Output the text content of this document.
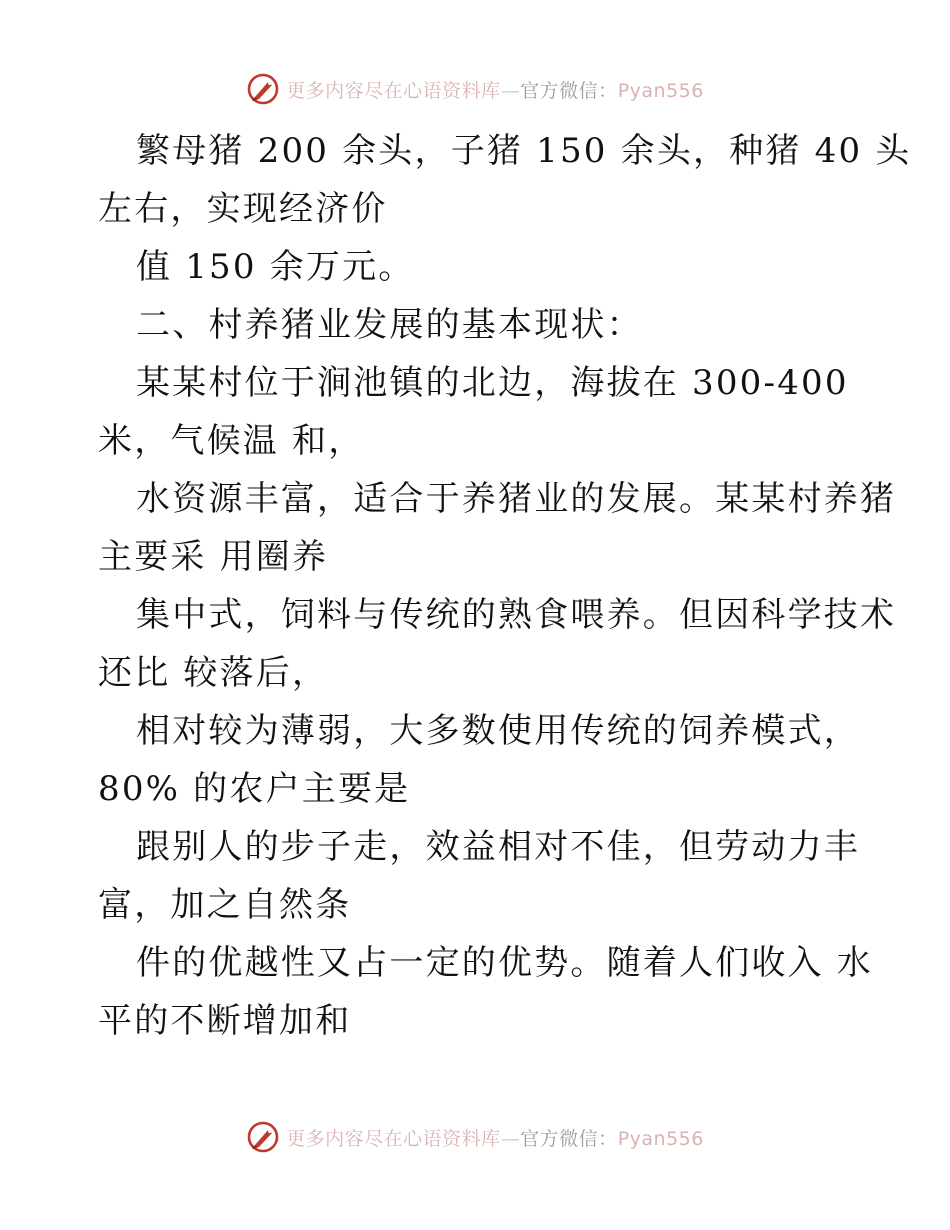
更多内容尽在心语资料库—官方微信：Pyan556
繁母猪 200 余头，子猪 150 余头，种猪 40 头
左右，实现经济价
值 150 余万元。
二、村养猪业发展的基本现状：
某某村位于涧池镇的北边，海拔在 300-400
米，气候温 和，
水资源丰富，适合于养猪业的发展。某某村养猪
主要采 用圈养
集中式，饲料与传统的熟食喂养。但因科学技术
还比 较落后，
相对较为薄弱，大多数使用传统的饲养模式，
80% 的农户主要是
跟别人的步子走，效益相对不佳，但劳动力丰
富，加之自然条
件的优越性又占一定的优势。随着人们收入 水
平的不断增加和
更多内容尽在心语资料库—官方微信：Pyan556
